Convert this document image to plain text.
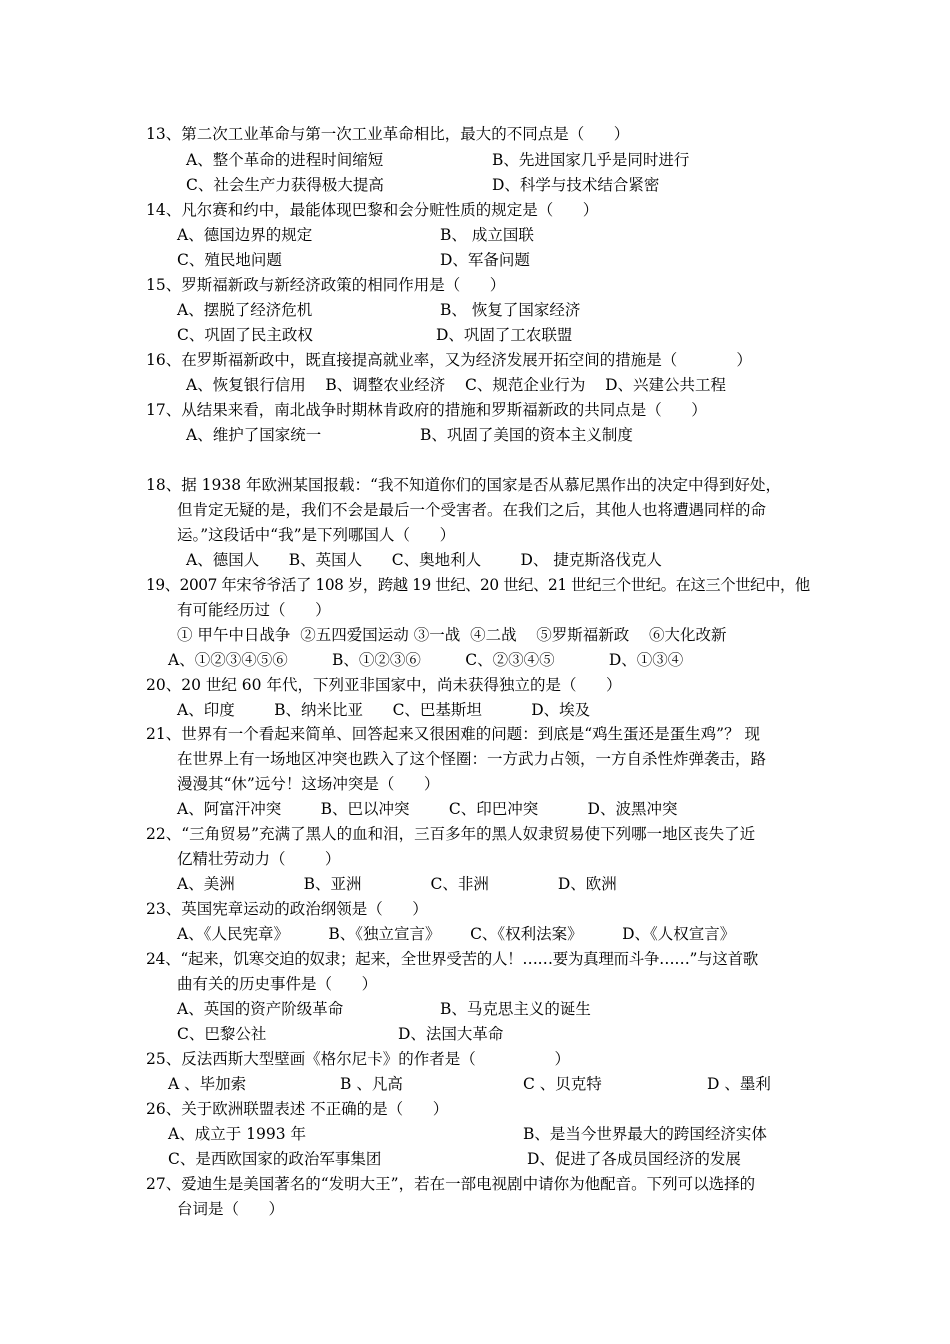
13、第二次工业革命与第一次工业革命相比，最大的不同点是（      ）
A、整个革命的进程时间缩短	B、先进国家几乎是同时进行
C、社会生产力获得极大提高	D、科学与技术结合紧密
14、凡尔赛和约中，最能体现巴黎和会分赃性质的规定是（      ）
A、德国边界的规定	B、 成立国联
C、殖民地问题	D、军备问题
15、罗斯福新政与新经济政策的相同作用是（      ）
A、摆脱了经济危机	B、 恢复了国家经济
C、巩固了民主政权	D、巩固了工农联盟
16、在罗斯福新政中，既直接提高就业率，又为经济发展开拓空间的措施是（            ）
A、恢复银行信用    B、调整农业经济    C、规范企业行为    D、兴建公共工程
17、从结果来看，南北战争时期林肯政府的措施和罗斯福新政的共同点是（      ）
A、维护了国家统一	B、巩固了美国的资本主义制度
18、据 1938 年欧洲某国报载：“我不知道你们的国家是否从慕尼黑作出的决定中得到好处，
但肯定无疑的是，我们不会是最后一个受害者。在我们之后，其他人也将遭遇同样的命
运。”这段话中“我”是下列哪国人（      ）
A、德国人      B、英国人      C、奥地利人        D、 捷克斯洛伐克人
19、2007 年宋爷爷活了 108 岁，跨越 19 世纪、20 世纪、21 世纪三个世纪。在这三个世纪中，他
有可能经历过（      ）
① 甲午中日战争  ②五四爱国运动 ③一战  ④二战    ⑤罗斯福新政    ⑥大化改新
A、①②③④⑤⑥         B、①②③⑥         C、②③④⑤           D、①③④
20、20 世纪 60 年代，下列亚非国家中，尚未获得独立的是（      ）
A、印度        B、纳米比亚      C、巴基斯坦          D、埃及
21、世界有一个看起来简单、回答起来又很困难的问题：到底是“鸡生蛋还是蛋生鸡”？ 现
在世界上有一场地区冲突也跌入了这个怪圈：一方武力占领，一方自杀性炸弹袭击，路
漫漫其“休”远兮！这场冲突是（      ）
A、阿富汗冲突        B、巴以冲突        C、印巴冲突          D、波黑冲突
22、“三角贸易”充满了黑人的血和泪，三百多年的黑人奴隶贸易使下列哪一地区丧失了近
亿精壮劳动力（        ）
A、美洲              B、亚洲              C、非洲              D、欧洲
23、英国宪章运动的政治纲领是（      ）
A、《人民宪章》        B、《独立宣言》      C、《权利法案》        D、《人权宣言》
24、“起来，饥寒交迫的奴隶；起来，全世界受苦的人！……要为真理而斗争……”与这首歌
曲有关的历史事件是（      ）
A、英国的资产阶级革命	B、马克思主义的诞生
C、巴黎公社	D、法国大革命
25、反法西斯大型壁画《格尔尼卡》的作者是（                ）
A 、毕加索	B 、凡高	C 、贝克特	D 、墨利
26、关于欧洲联盟表述 不正确的是（      ）
A、成立于 1993 年	B、是当今世界最大的跨国经济实体
C、是西欧国家的政治军事集团	D、促进了各成员国经济的发展
27、爱迪生是美国著名的“发明大王”，若在一部电视剧中请你为他配音。下列可以选择的
台词是（      ）
